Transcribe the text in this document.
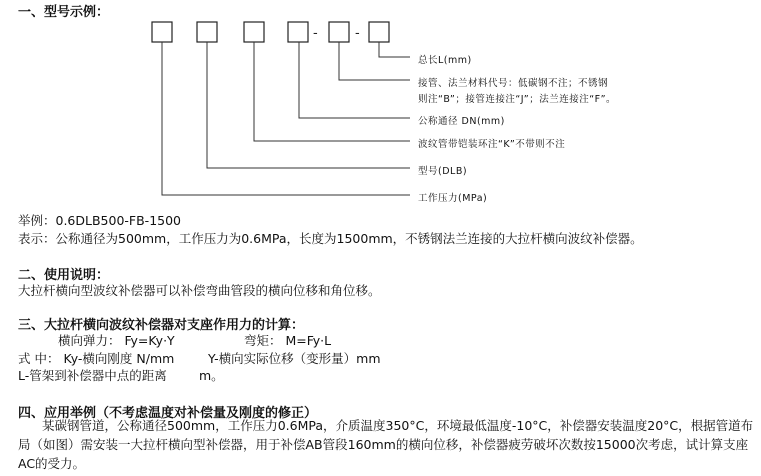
一、型号示例：
-	-
总长L(mm)
接管、法兰材料代号：低碳钢不注；不锈钢
则注“B”；接管连接注“J”；法兰连接注“F”。
公称通径 DN(mm)
波纹管带铠装环注“K”不带则不注
型号(DLB)
工作压力(MPa)
举例：0.6DLB500-FB-1500
表示：公称通径为500mm，工作压力为0.6MPa，长度为1500mm，不锈钢法兰连接的大拉杆横向波纹补偿器。
二、使用说明：
大拉杆横向型波纹补偿器可以补偿弯曲管段的横向位移和角位移。
三、大拉杆横向波纹补偿器对支座作用力的计算：
横向弹力： Fy=Ky·Y	弯矩： M=Fy·L
式 中： Ky-横向刚度 N/mm	Y-横向实际位移（变形量）mm
L-管架到补偿器中点的距离	m。
四、应用举例（不考虑温度对补偿量及刚度的修正）
某碳钢管道，公称通径500mm，工作压力0.6MPa，介质温度350°C，环境最低温度-10°C，补偿器安装温度20°C，根据管道布局（如图）需安装一大拉杆横向型补偿器，用于补偿AB管段160mm的横向位移，补偿器疲劳破坏次数按15000次考虑，试计算支座AC的受力。
